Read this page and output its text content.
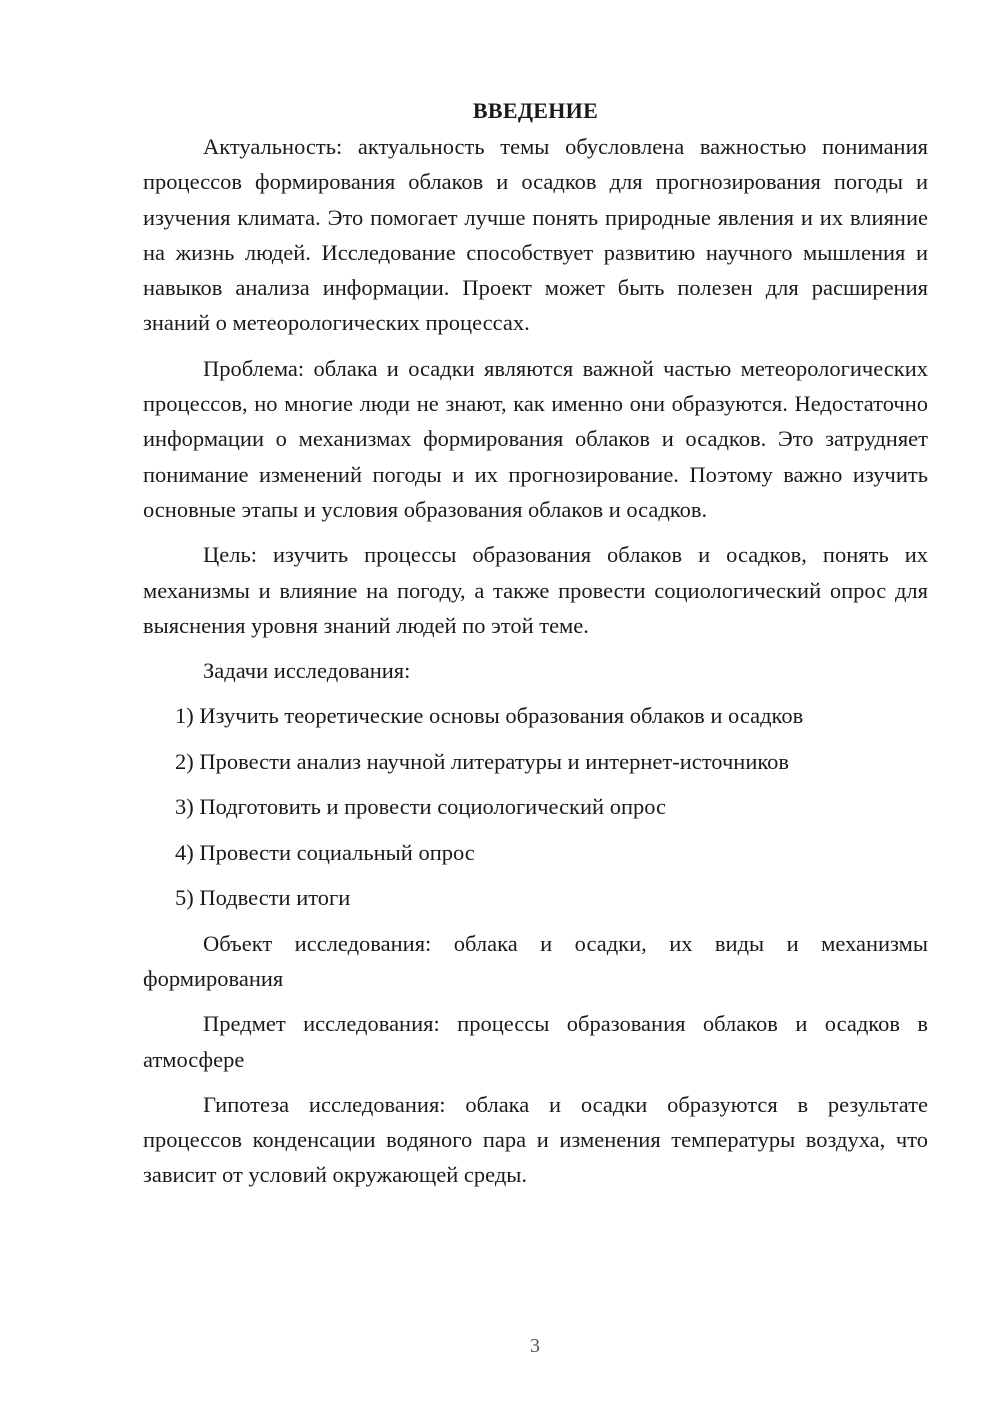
ВВЕДЕНИЕ

Актуальность: актуальность темы обусловлена важностью понимания процессов формирования облаков и осадков для прогнозирования погоды и изучения климата. Это помогает лучше понять природные явления и их влияние на жизнь людей. Исследование способствует развитию научного мышления и навыков анализа информации. Проект может быть полезен для расширения знаний о метеорологических процессах.

Проблема: облака и осадки являются важной частью метеорологических процессов, но многие люди не знают, как именно они образуются. Недостаточно информации о механизмах формирования облаков и осадков. Это затрудняет понимание изменений погоды и их прогнозирование. Поэтому важно изучить основные этапы и условия образования облаков и осадков.

Цель: изучить процессы образования облаков и осадков, понять их механизмы и влияние на погоду, а также провести социологический опрос для выяснения уровня знаний людей по этой теме.

Задачи исследования:
1) Изучить теоретические основы образования облаков и осадков
2) Провести анализ научной литературы и интернет-источников
3) Подготовить и провести социологический опрос
4) Провести социальный опрос
5) Подвести итоги

Объект исследования: облака и осадки, их виды и механизмы формирования

Предмет исследования: процессы образования облаков и осадков в атмосфере

Гипотеза исследования: облака и осадки образуются в результате процессов конденсации водяного пара и изменения температуры воздуха, что зависит от условий окружающей среды.

3
